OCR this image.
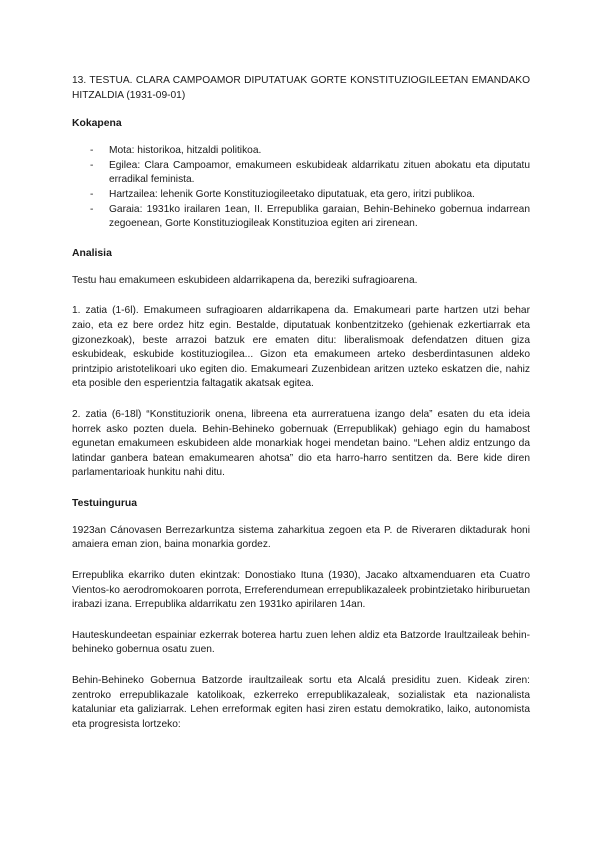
13. TESTUA. CLARA CAMPOAMOR DIPUTATUAK GORTE KONSTITUZIOGILEETAN EMANDAKO HITZALDIA (1931-09-01)

Kokapena
- Mota: historikoa, hitzaldi politikoa.
- Egilea: Clara Campoamor, emakumeen eskubideak aldarrikatu zituen abokatu eta diputatu erradikal feminista.
- Hartzailea: lehenik Gorte Konstituziogileetako diputatuak, eta gero, iritzi publikoa.
- Garaia: 1931ko irailaren 1ean, II. Errepublika garaian, Behin-Behineko gobernua indarrean zegoenean, Gorte Konstituziogileak Konstituzioa egiten ari zirenean.
Analisia

Testu hau emakumeen eskubideen aldarrikapena da, bereziki sufragioarena.

1. zatia (1-6l). Emakumeen sufragioaren aldarrikapena da. Emakumeari parte hartzen utzi behar zaio, eta ez bere ordez hitz egin. Bestalde, diputatuak konbentzitzeko (gehienak ezkertiarrak eta gizonezkoak), beste arrazoi batzuk ere ematen ditu: liberalismoak defendatzen dituen giza eskubideak, eskubide kostituziogilea... Gizon eta emakumeen arteko desberdintasunen aldeko printzipio aristotelikoari uko egiten dio. Emakumeari Zuzenbidean aritzen uzteko eskatzen die, nahiz eta posible den esperientzia faltagatik akatsak egitea.

2. zatia (6-18l) “Konstituziorik onena, libreena eta aurreratuena izango dela” esaten du eta ideia horrek asko pozten duela. Behin-Behineko gobernuak (Errepublikak) gehiago egin du hamabost egunetan emakumeen eskubideen alde monarkiak hogei mendetan baino. “Lehen aldiz entzungo da latindar ganbera batean emakumearen ahotsa” dio eta harro-harro sentitzen da. Bere kide diren parlamentarioak hunkitu nahi ditu.

Testuingurua

1923an Cánovasen Berrezarkuntza sistema zaharkitua zegoen eta P. de Riveraren diktadurak honi amaiera eman zion, baina monarkia gordez.

Errepublika ekarriko duten ekintzak: Donostiako Ituna (1930), Jacako altxamenduaren eta Cuatro Vientos-ko aerodromokoaren porrota, Erreferendumean errepublikazaleek probintzietako hiriburuetan irabazi izana. Errepublika aldarrikatu zen 1931ko apirilaren 14an.

Hauteskundeetan espainiar ezkerrak boterea hartu zuen lehen aldiz eta Batzorde Iraultzaileak behin-behineko gobernua osatu zuen.

Behin-Behineko Gobernua Batzorde iraultzaileak sortu eta Alcalá presiditu zuen. Kideak ziren: zentroko errepublikazale katolikoak, ezkerreko errepublikazaleak, sozialistak eta nazionalista kataluniar eta galiziarrak. Lehen erreformak egiten hasi ziren estatu demokratiko, laiko, autonomista eta progresista lortzeko:
